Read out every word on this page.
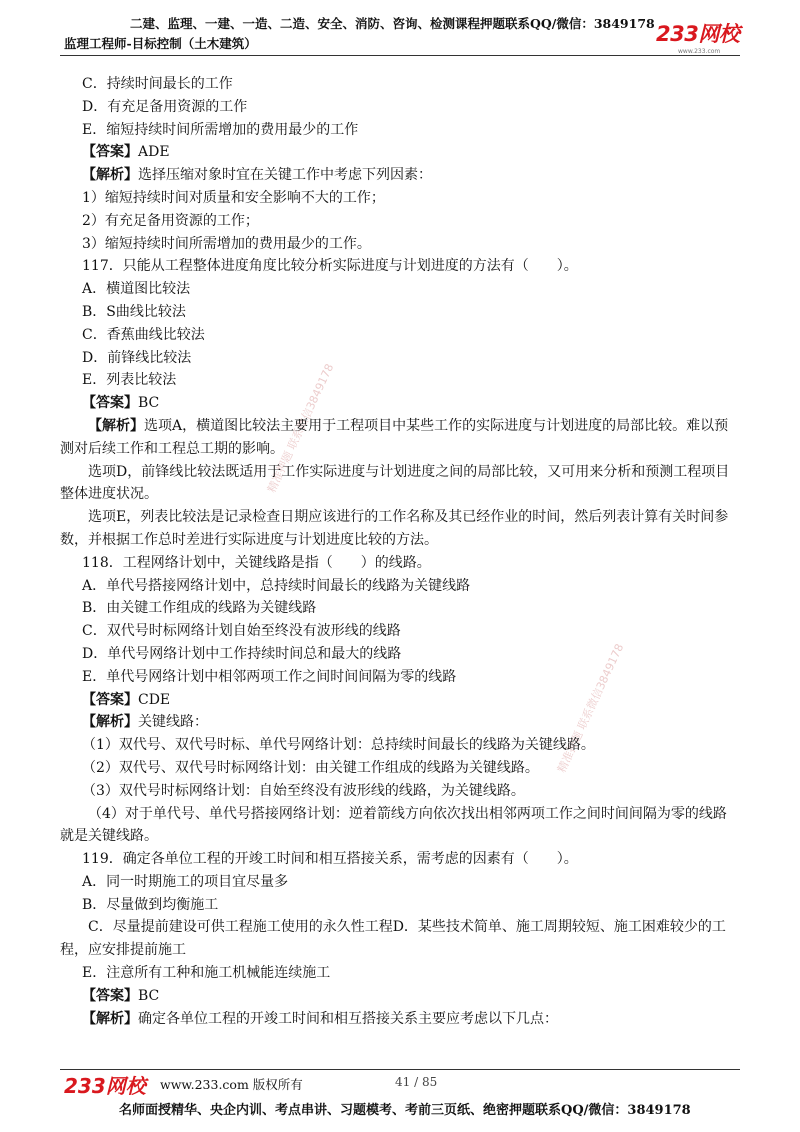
二建、监理、一建、一造、二造、安全、消防、咨询、检测课程押题联系QQ/微信：3849178
监理工程师-目标控制（土木建筑）	233网校
www.233.com
精准押题 联系微信3849178
精准押题 联系微信3849178

C．持续时间最长的工作

D．有充足备用资源的工作

E．缩短持续时间所需增加的费用最少的工作

【答案】ADE

【解析】选择压缩对象时宜在关键工作中考虑下列因素：

1）缩短持续时间对质量和安全影响不大的工作；

2）有充足备用资源的工作；

3）缩短持续时间所需增加的费用最少的工作。

117．只能从工程整体进度角度比较分析实际进度与计划进度的方法有（　　）。

A．横道图比较法

B．S曲线比较法

C．香蕉曲线比较法

D．前锋线比较法

E．列表比较法

【答案】BC

【解析】选项A，横道图比较法主要用于工程项目中某些工作的实际进度与计划进度的局部比较。难以预测对后续工作和工程总工期的影响。

选项D，前锋线比较法既适用于工作实际进度与计划进度之间的局部比较，又可用来分析和预测工程项目整体进度状况。

选项E，列表比较法是记录检查日期应该进行的工作名称及其已经作业的时间，然后列表计算有关时间参数，并根据工作总时差进行实际进度与计划进度比较的方法。

118．工程网络计划中，关键线路是指（　　）的线路。

A．单代号搭接网络计划中，总持续时间最长的线路为关键线路

B．由关键工作组成的线路为关键线路

C．双代号时标网络计划自始至终没有波形线的线路

D．单代号网络计划中工作持续时间总和最大的线路

E．单代号网络计划中相邻两项工作之间时间间隔为零的线路

【答案】CDE

【解析】关键线路：

（1）双代号、双代号时标、单代号网络计划：总持续时间最长的线路为关键线路。

（2）双代号、双代号时标网络计划：由关键工作组成的线路为关键线路。

（3）双代号时标网络计划：自始至终没有波形线的线路，为关键线路。

（4）对于单代号、单代号搭接网络计划：逆着箭线方向依次找出相邻两项工作之间时间间隔为零的线路就是关键线路。

119．确定各单位工程的开竣工时间和相互搭接关系，需考虑的因素有（　　）。

A．同一时期施工的项目宜尽量多

B．尽量做到均衡施工

C．尽量提前建设可供工程施工使用的永久性工程D．某些技术简单、施工周期较短、施工困难较少的工程，应安排提前施工

E．注意所有工种和施工机械能连续施工

【答案】BC

【解析】确定各单位工程的开竣工时间和相互搭接关系主要应考虑以下几点：

233网校 www.233.com 版权所有	41 / 85
名师面授精华、央企内训、考点串讲、习题模考、考前三页纸、绝密押题联系QQ/微信：3849178
